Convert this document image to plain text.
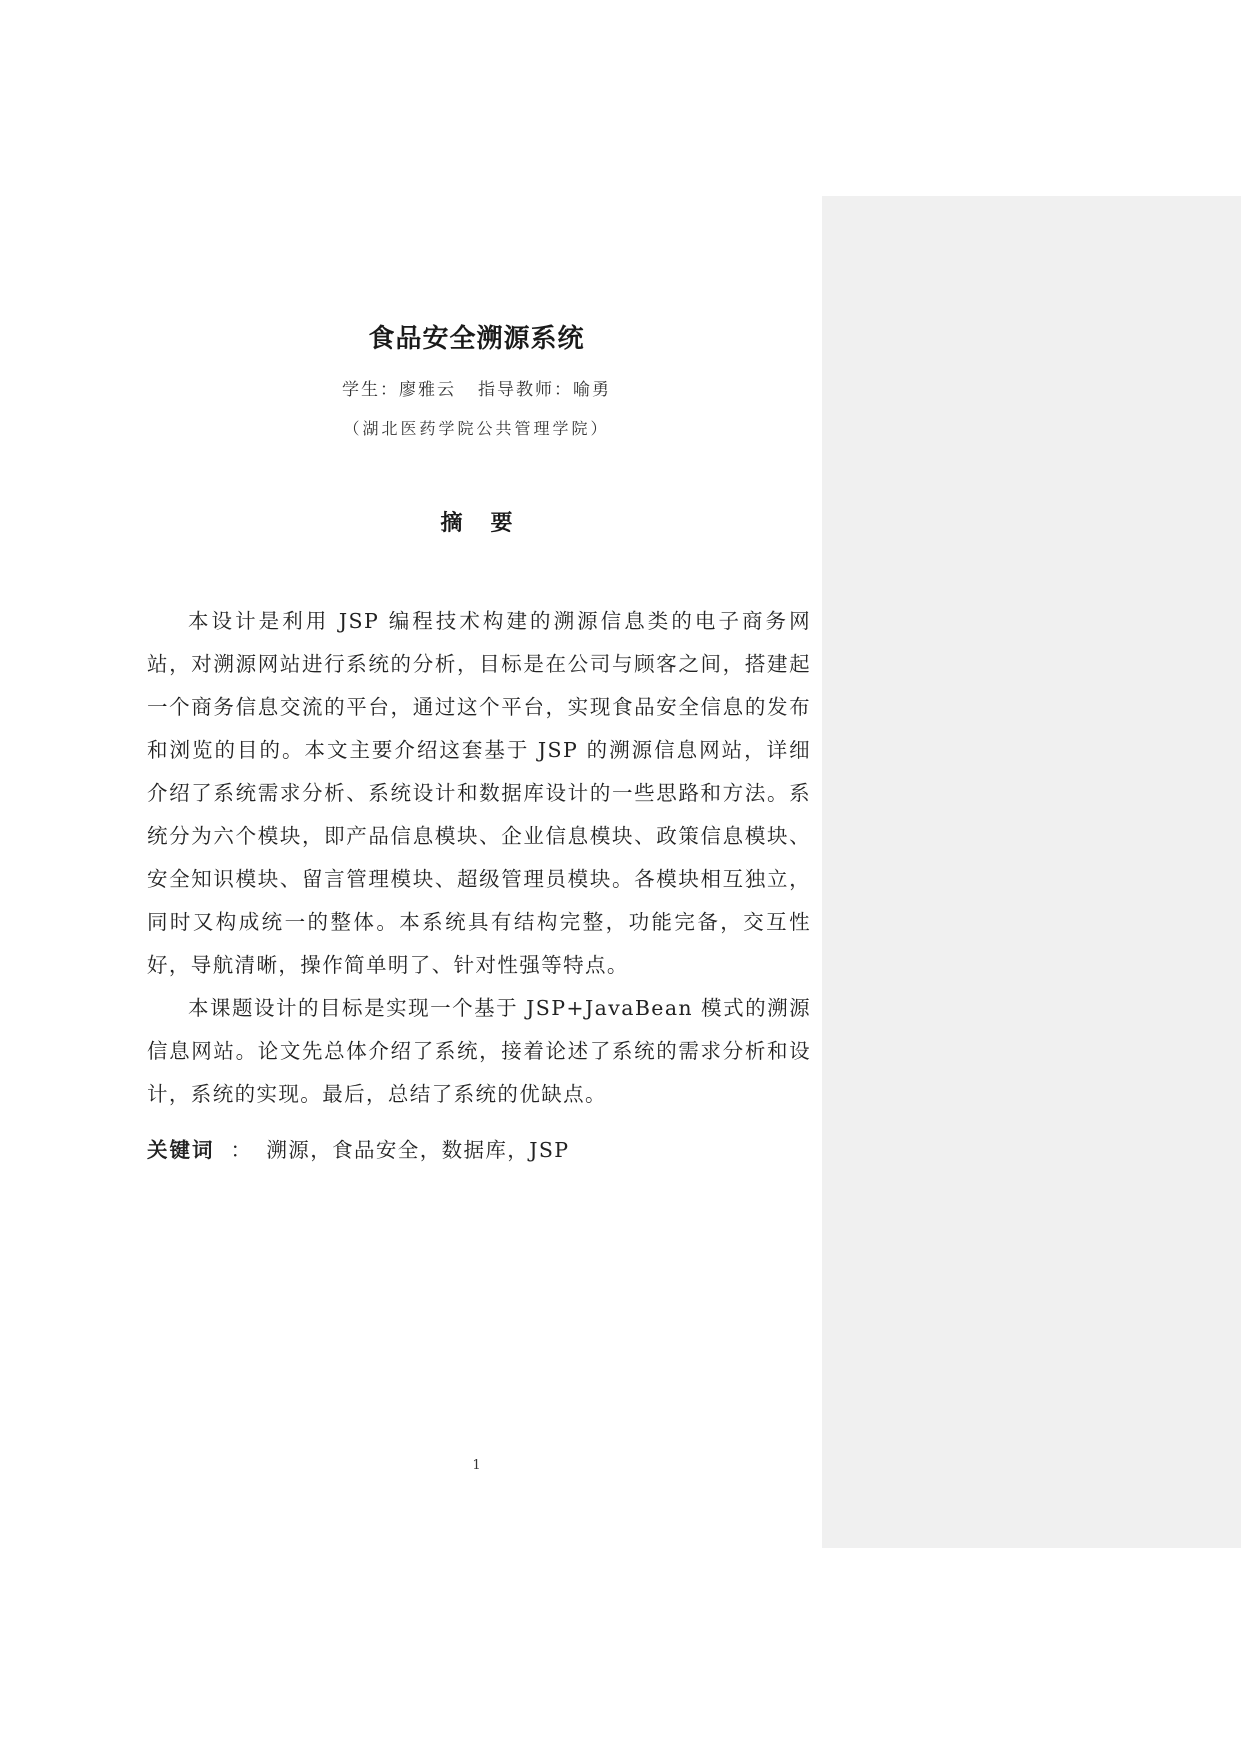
食品安全溯源系统
学生：廖雅云 指导教师：喻勇
（湖北医药学院公共管理学院）
摘要

本设计是利用 JSP 编程技术构建的溯源信息类的电子商务网站，对溯源网站进行系统的分析，目标是在公司与顾客之间，搭建起一个商务信息交流的平台，通过这个平台，实现食品安全信息的发布和浏览的目的。本文主要介绍这套基于 JSP 的溯源信息网站，详细介绍了系统需求分析、系统设计和数据库设计的一些思路和方法。系统分为六个模块，即产品信息模块、企业信息模块、政策信息模块、安全知识模块、留言管理模块、超级管理员模块。各模块相互独立，同时又构成统一的整体。本系统具有结构完整，功能完备，交互性好，导航清晰，操作简单明了、针对性强等特点。

本课题设计的目标是实现一个基于 JSP+JavaBean 模式的溯源信息网站。论文先总体介绍了系统，接着论述了系统的需求分析和设计，系统的实现。最后，总结了系统的优缺点。

关键词 ： 溯源，食品安全，数据库，JSP
1
